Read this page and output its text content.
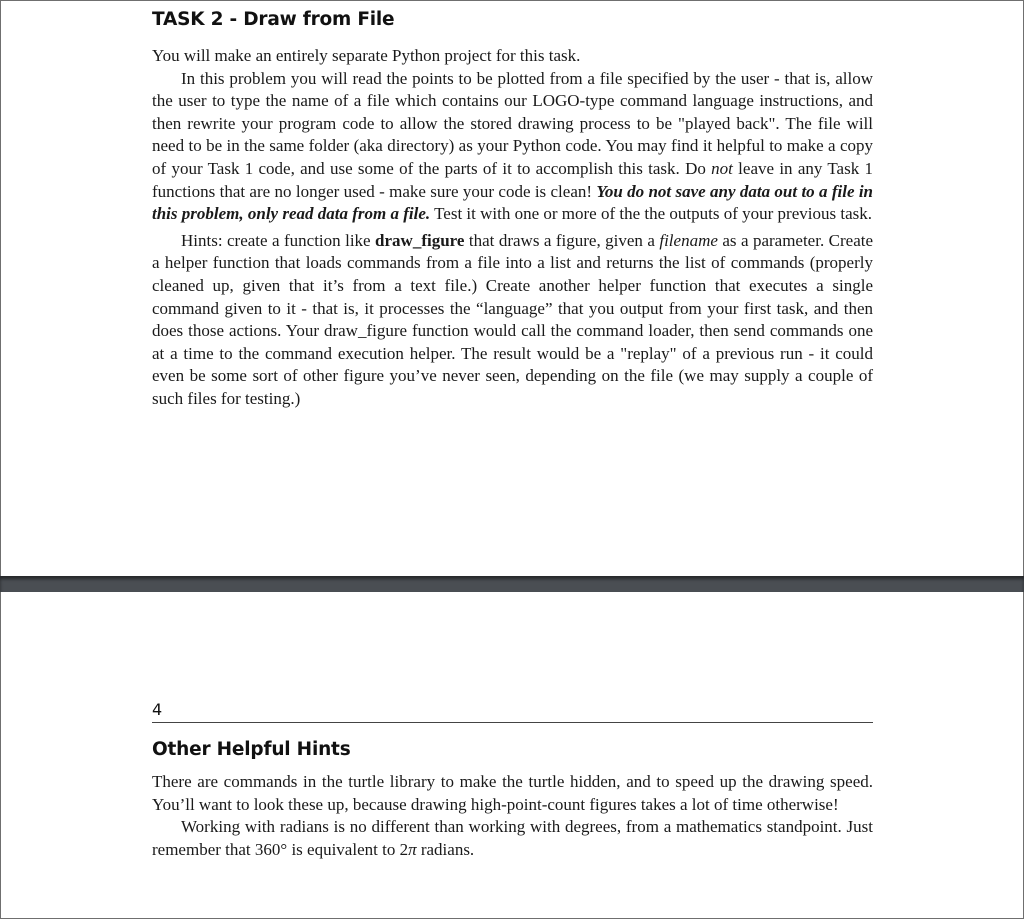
TASK 2 - Draw from File

You will make an entirely separate Python project for this task.

In this problem you will read the points to be plotted from a file specified by the user - that is, allow the user to type the name of a file which contains our LOGO-type command language instructions, and then rewrite your program code to allow the stored drawing process to be "played back". The file will need to be in the same folder (aka directory) as your Python code. You may find it helpful to make a copy of your Task 1 code, and use some of the parts of it to accomplish this task. Do not leave in any Task 1 functions that are no longer used - make sure your code is clean! You do not save any data out to a file in this problem, only read data from a file. Test it with one or more of the the outputs of your previous task.

Hints: create a function like draw_figure that draws a figure, given a filename as a parameter. Create a helper function that loads commands from a file into a list and returns the list of commands (properly cleaned up, given that it’s from a text file.) Create another helper function that executes a single command given to it - that is, it processes the “language” that you output from your first task, and then does those actions. Your draw_figure function would call the command loader, then send commands one at a time to the command execution helper. The result would be a "replay" of a previous run - it could even be some sort of other figure you’ve never seen, depending on the file (we may supply a couple of such files for testing.)

4
Other Helpful Hints

There are commands in the turtle library to make the turtle hidden, and to speed up the drawing speed. You’ll want to look these up, because drawing high-point-count figures takes a lot of time otherwise!

Working with radians is no different than working with degrees, from a mathematics standpoint. Just remember that 360° is equivalent to 2π radians.
